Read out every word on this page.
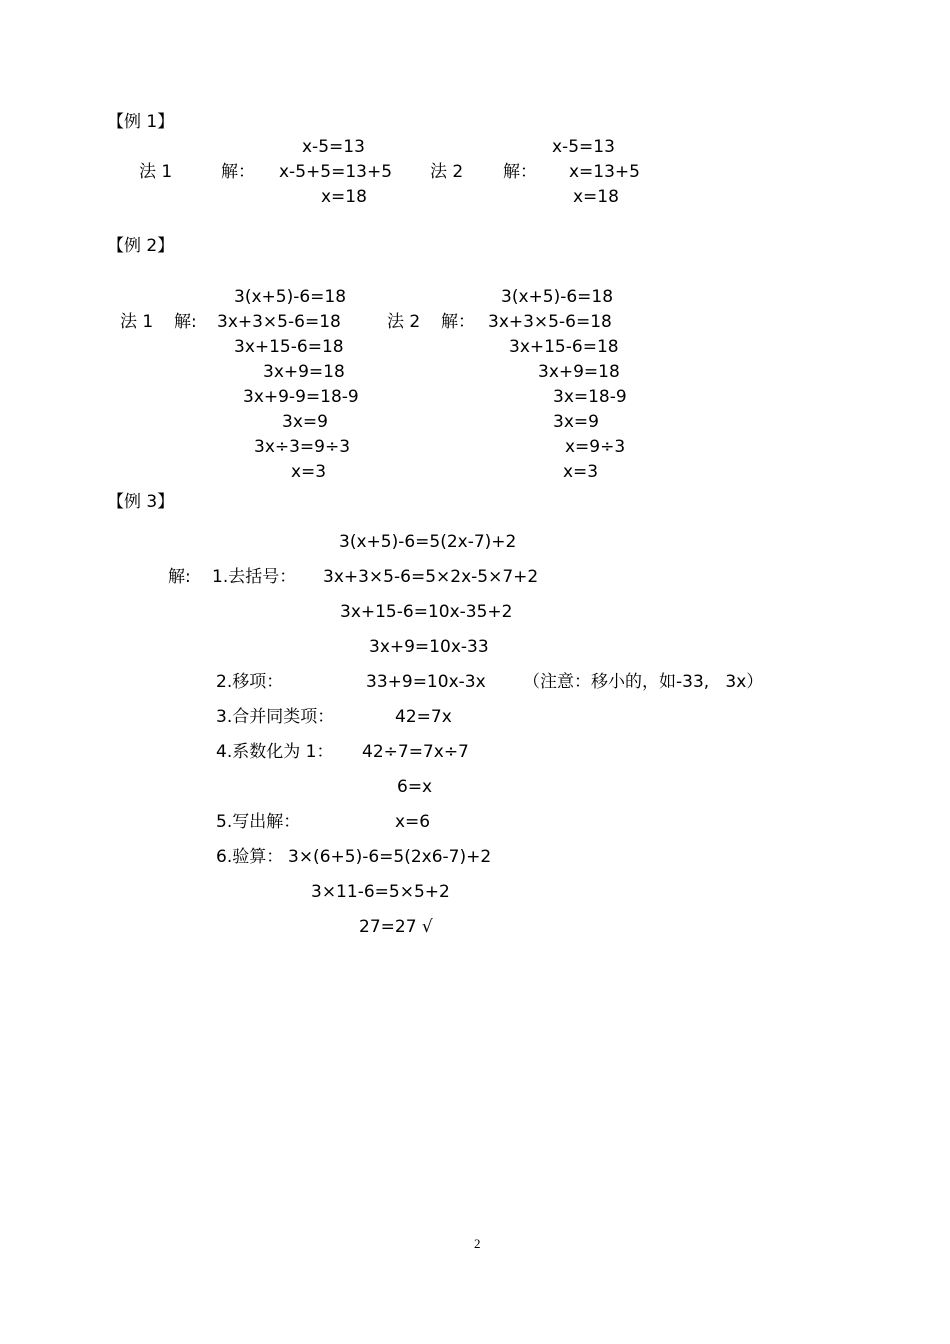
【例 1】
x-5=13
法 1	解： x-5+5=13+5
x=18
x-5=13
法 2 解： x=13+5
x=18
【例 2】
3(x+5)-6=18
法 1 解: 3x+3×5-6=18
3x+15-6=18
3x+9=18
3x+9-9=18-9
3x=9
3x÷3=9÷3
x=3
3(x+5)-6=18
法 2 解： 3x+3×5-6=18
3x+15-6=18
3x+9=18
3x=18-9
3x=9
x=9÷3
x=3
【例 3】
3(x+5)-6=5(2x-7)+2
解: 1.去括号： 3x+3×5-6=5×2x-5×7+2
3x+15-6=10x-35+2
3x+9=10x-33
2.移项：	33+9=10x-3x （注意：移小的，如-33,   3x）
3.合并同类项：	42=7x
4.系数化为 1： 42÷7=7x÷7
6=x
5.写出解：	x=6
6.验算： 3×(6+5)-6=5(2x6-7)+2
3×11-6=5×5+2
27=27 √
2
